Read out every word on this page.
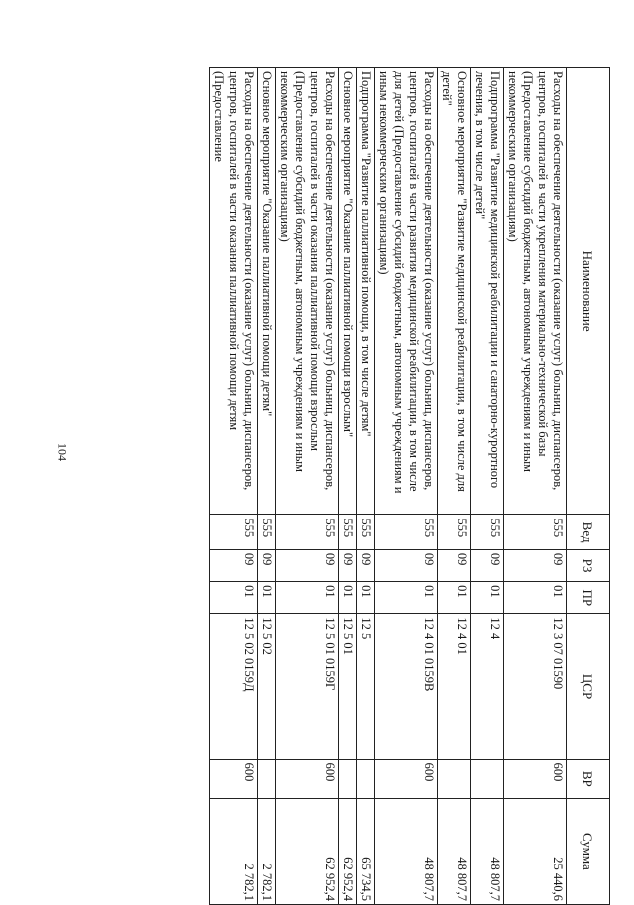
104
Наименование	Вед	РЗ	ПР	ЦСР	ВР	Сумма
Расходы на обеспечение деятельности (оказание услуг) больниц, диспансеров, центров, госпиталей в части укрепления материально-технической базы (Предоставление субсидий бюджетным, автономным учреждениям и иным некоммерческим организациям)	555	09	01	12 3 07 01590	600	25 440,6
Подпрограмма "Развитие медицинской реабилитации и санаторно-курортного лечения, в том числе детей"	555	09	01	12 4		48 807,7
Основное мероприятие "Развитие медицинской реабилитации, в том числе для детей"	555	09	01	12 4 01		48 807,7
Расходы на обеспечение деятельности (оказание услуг) больниц, диспансеров, центров, госпиталей в части развития медицинской реабилитации, в том числе для детей (Предоставление субсидий бюджетным, автономным учреждениям и иным некоммерческим организациям)	555	09	01	12 4 01 0159В	600	48 807,7
Подпрограмма "Развитие паллиативной помощи, в том числе детям"	555	09	01	12 5		65 734,5
Основное мероприятие "Оказание паллиативной помощи взрослым"	555	09	01	12 5 01		62 952,4
Расходы на обеспечение деятельности (оказание услуг) больниц, диспансеров, центров, госпиталей в части оказания паллиативной помощи взрослым (Предоставление субсидий бюджетным, автономным учреждениям и иным некоммерческим организациям)	555	09	01	12 5 01 0159Г	600	62 952,4
Основное мероприятие "Оказание паллиативной помощи детям"	555	09	01	12 5 02		2 782,1
Расходы на обеспечение деятельности (оказание услуг) больниц, диспансеров, центров, госпиталей в части оказания паллиативной помощи детям (Предоставление	555	09	01	12 5 02 0159Д	600	2 782,1
